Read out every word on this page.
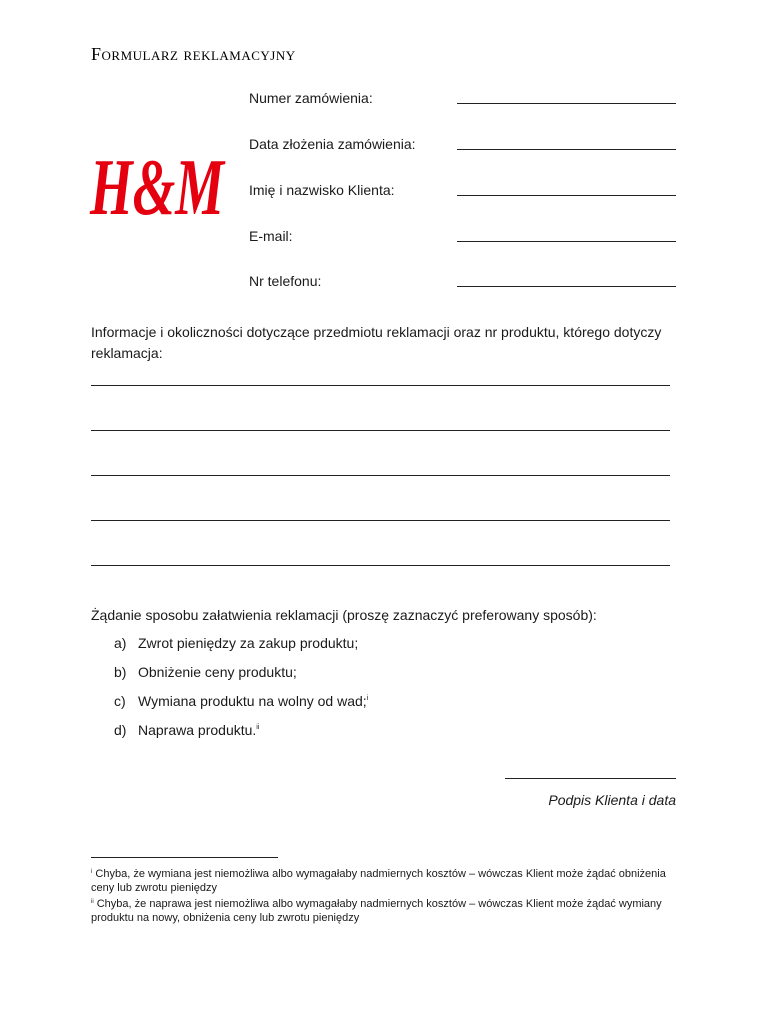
Formularz reklamacyjny
H&M
Numer zamówienia:
Data złożenia zamówienia:
Imię i nazwisko Klienta:
E-mail:
Nr telefonu:
Informacje i okoliczności dotyczące przedmiotu reklamacji oraz nr produktu, którego dotyczy reklamacja:
Żądanie sposobu załatwienia reklamacji (proszę zaznaczyć preferowany sposób):
a) Zwrot pieniędzy za zakup produktu;
b) Obniżenie ceny produktu;
c) Wymiana produktu na wolny od wad;$^i$
d) Naprawa produktu.$^{ii}$
Podpis Klienta i data
$^i$ Chyba, że wymiana jest niemożliwa albo wymagałaby nadmiernych kosztów – wówczas Klient może żądać obniżenia ceny lub zwrotu pieniędzy
$^{ii}$ Chyba, że naprawa jest niemożliwa albo wymagałaby nadmiernych kosztów – wówczas Klient może żądać wymiany produktu na nowy, obniżenia ceny lub zwrotu pieniędzy
